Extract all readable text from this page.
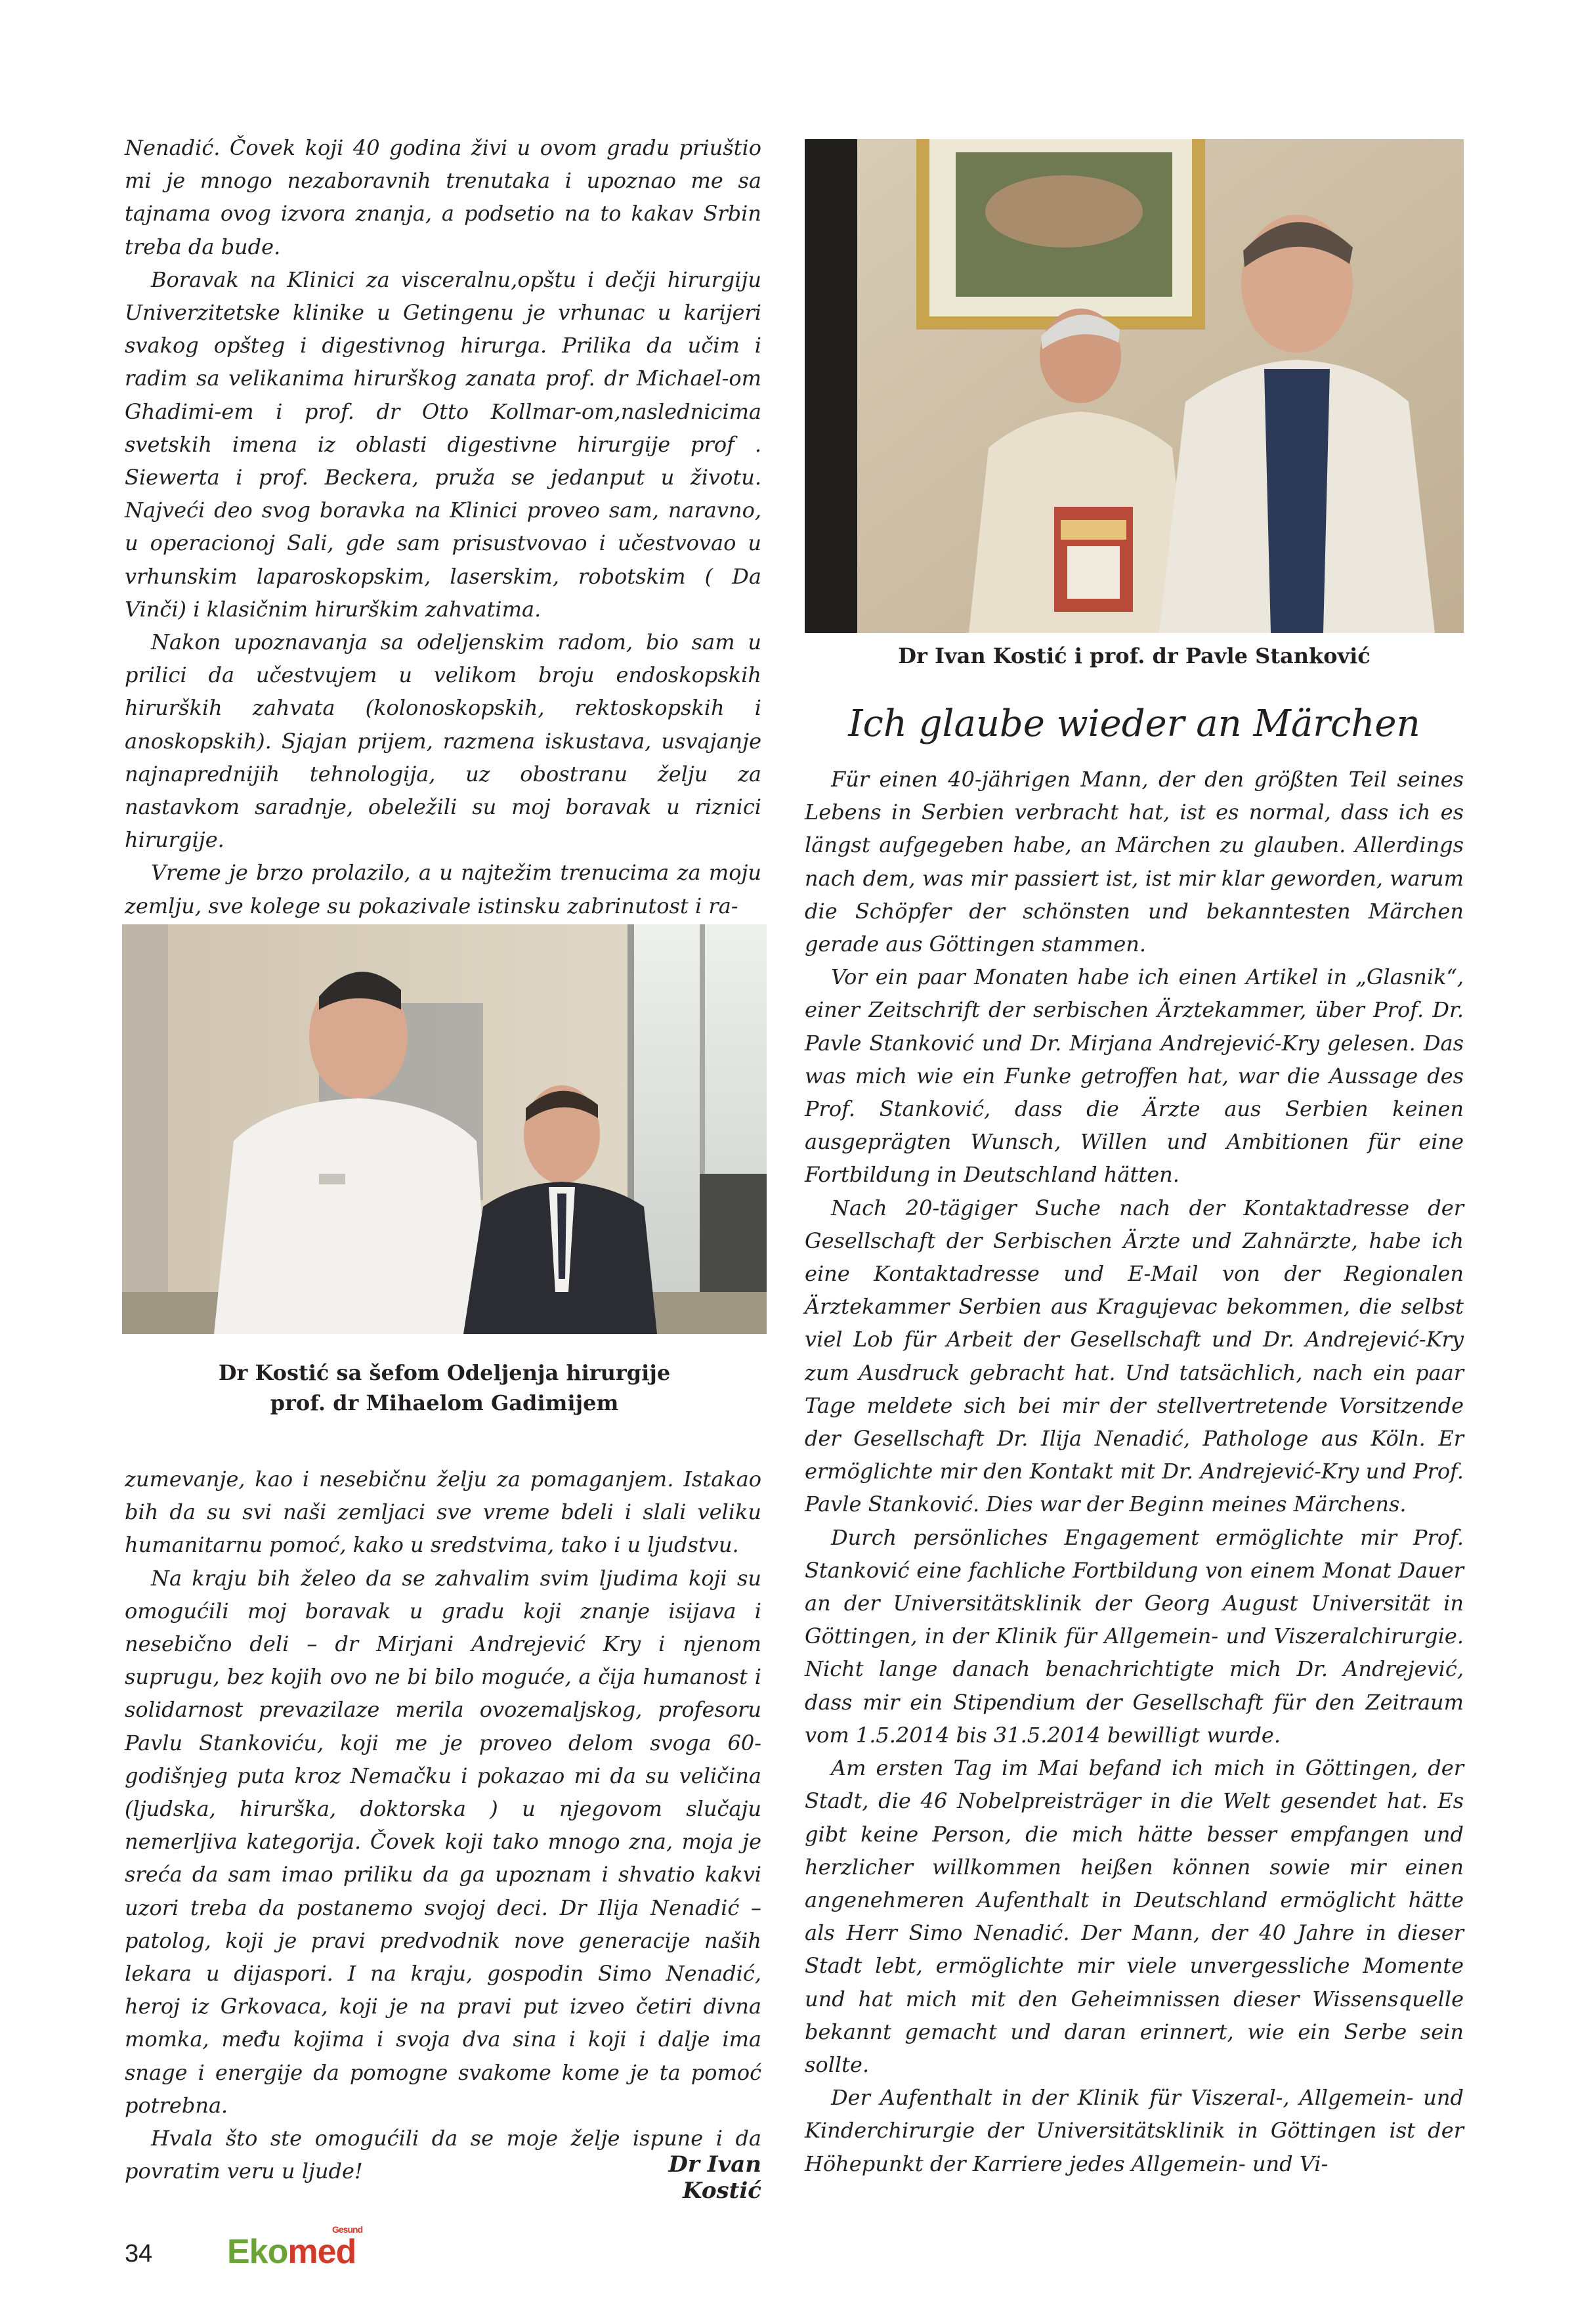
Nenadić. Čovek koji 40 godina živi u ovom gradu priuštio mi je mnogo nezaboravnih trenutaka i upoznao me sa tajnama ovog izvora znanja, a podsetio na to kakav Srbin treba da bude.

Boravak na Klinici za visceralnu,opštu i dečji hirurgiju Univerzitetske klinike u Getingenu je vrhunac u karijeri svakog opšteg i digestivnog hirurga. Prilika da učim i radim sa velikanima hirurškog zanata prof. dr Michael-om Ghadimi-em i prof. dr Otto Kollmar-om,naslednicima svetskih imena iz oblasti digestivne hirurgije prof . Siewerta i prof. Beckera, pruža se jedanput u životu. Najveći deo svog boravka na Klinici proveo sam, naravno, u operacionoj Sali, gde sam prisustvovao i učestvovao u vrhunskim laparoskopskim, laserskim, robotskim ( Da Vinči) i klasičnim hirurškim zahvatima.

Nakon upoznavanja sa odeljenskim radom, bio sam u prilici da učestvujem u velikom broju endoskopskih hirurških zahvata (kolonoskopskih, rektoskopskih i anoskopskih). Sjajan prijem, razmena iskustava, usvajanje najnaprednijih tehnologija, uz obostranu želju za nastavkom saradnje, obeležili su moj boravak u riznici hirurgije.

Vreme je brzo prolazilo, a u najtežim trenucima za moju zemlju, sve kolege su pokazivale istinsku zabrinutost i ra-

Dr Kostić sa šefom Odeljenja hirurgije
prof. dr Mihaelom Gadimijem

zumevanje, kao i nesebičnu želju za pomaganjem. Istakao bih da su svi naši zemljaci sve vreme bdeli i slali veliku humanitarnu pomoć, kako u sredstvima, tako i u ljudstvu.

Na kraju bih želeo da se zahvalim svim ljudima koji su omogućili moj boravak u gradu koji znanje isijava i nesebično deli – dr Mirjani Andrejević Kry i njenom suprugu, bez kojih ovo ne bi bilo moguće, a čija humanost i solidarnost prevazilaze merila ovozemaljskog, profesoru Pavlu Stankoviću, koji me je proveo delom svoga 60-godišnjeg puta kroz Nemačku i pokazao mi da su veličina (ljudska, hirurška, doktorska ) u njegovom slučaju nemerljiva kategorija. Čovek koji tako mnogo zna, moja je sreća da sam imao priliku da ga upoznam i shvatio kakvi uzori treba da postanemo svojoj deci. Dr Ilija Nenadić – patolog, koji je pravi predvodnik nove generacije naših lekara u dijaspori. I na kraju, gospodin Simo Nenadić, heroj iz Grkovaca, koji je na pravi put izveo četiri divna momka, među kojima i svoja dva sina i koji i dalje ima snage i energije da pomogne svakome kome je ta pomoć potrebna.

Hvala što ste omogućili da se moje želje ispune i da povratim veru u ljude!	Dr Ivan Kostić
Dr Ivan Kostić i prof. dr Pavle Stanković
Ich glaube wieder an Märchen

Für einen 40-jährigen Mann, der den größten Teil seines Lebens in Serbien verbracht hat, ist es normal, dass ich es längst aufgegeben habe, an Märchen zu glauben. Allerdings nach dem, was mir passiert ist, ist mir klar geworden, warum die Schöpfer der schönsten und bekanntesten Märchen gerade aus Göttingen stammen.

Vor ein paar Monaten habe ich einen Artikel in „Glasnik“, einer Zeitschrift der serbischen Ärztekammer, über Prof. Dr. Pavle Stanković und Dr. Mirjana Andrejević-Kry gelesen. Das was mich wie ein Funke getroffen hat, war die Aussage des Prof. Stanković, dass die Ärzte aus Serbien keinen ausgeprägten Wunsch, Willen und Ambitionen für eine Fortbildung in Deutschland hätten.

Nach 20-tägiger Suche nach der Kontaktadresse der Gesellschaft der Serbischen Ärzte und Zahnärzte, habe ich eine Kontaktadresse und E-Mail von der Regionalen Ärztekammer Serbien aus Kragujevac bekommen, die selbst viel Lob für Arbeit der Gesellschaft und Dr. Andrejević-Kry zum Ausdruck gebracht hat. Und tatsächlich, nach ein paar Tage meldete sich bei mir der stellvertretende Vorsitzende der Gesellschaft Dr. Ilija Nenadić, Pathologe aus Köln. Er ermöglichte mir den Kontakt mit Dr. Andrejević-Kry und Prof. Pavle Stanković. Dies war der Beginn meines Märchens.

Durch persönliches Engagement ermöglichte mir Prof. Stanković eine fachliche Fortbildung von einem Monat Dauer an der Universitätsklinik der Georg August Universität in Göttingen, in der Klinik für Allgemein- und Viszeralchirurgie. Nicht lange danach benachrichtigte mich Dr. Andrejević, dass mir ein Stipendium der Gesellschaft für den Zeitraum vom 1.5.2014 bis 31.5.2014 bewilligt wurde.

Am ersten Tag im Mai befand ich mich in Göttingen, der Stadt, die 46 Nobelpreisträger in die Welt gesendet hat. Es gibt keine Person, die mich hätte besser empfangen und herzlicher willkommen heißen können sowie mir einen angenehmeren Aufenthalt in Deutschland ermöglicht hätte als Herr Simo Nenadić. Der Mann, der 40 Jahre in dieser Stadt lebt, ermöglichte mir viele unvergessliche Momente und hat mich mit den Geheimnissen dieser Wissensquelle bekannt gemacht und daran erinnert, wie ein Serbe sein sollte.

Der Aufenthalt in der Klinik für Viszeral-, Allgemein- und Kinderchirurgie der Universitätsklinik in Göttingen ist der Höhepunkt der Karriere jedes Allgemein- und Vi-

34 Ekomed
Gesund
